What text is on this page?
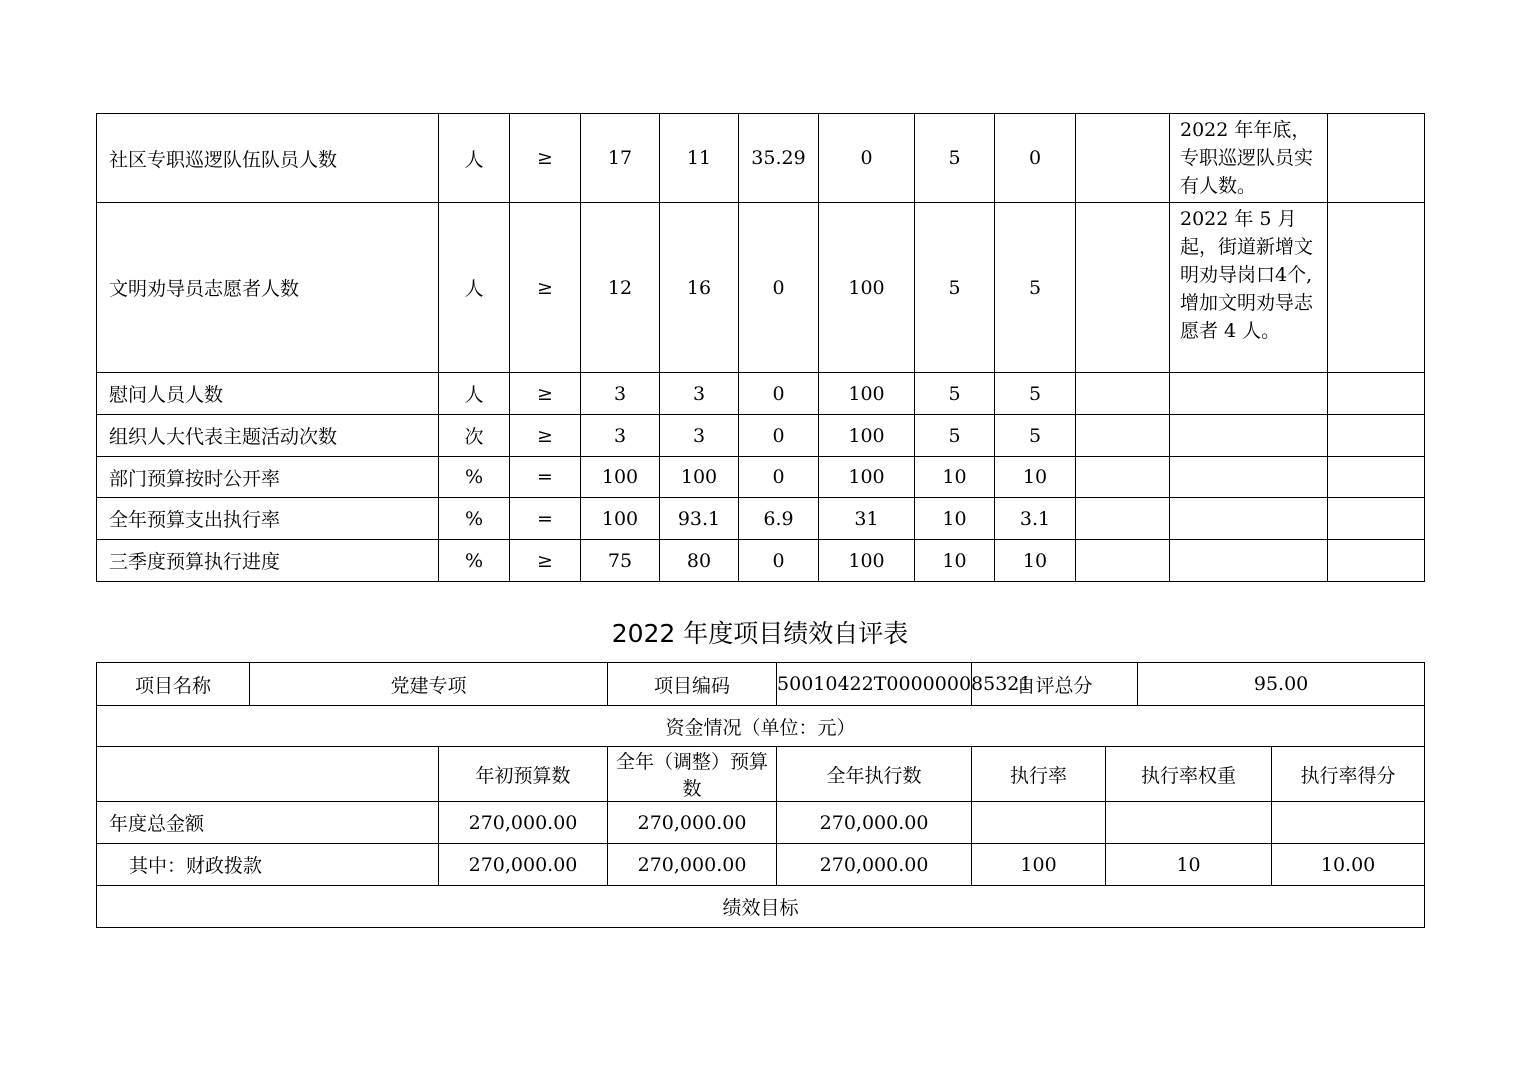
社区专职巡逻队伍队员人数	人	≥	17	11	35.29	0	5	0		2022 年年底，专职巡逻队员实有人数。	
文明劝导员志愿者人数	人	≥	12	16	0	100	5	5		2022 年 5 月起，街道新增文明劝导岗口4个,增加文明劝导志愿者 4 人。	
慰问人员人数	人	≥	3	3	0	100	5	5			
组织人大代表主题活动次数	次	≥	3	3	0	100	5	5			
部门预算按时公开率	%	=	100	100	0	100	10	10			
全年预算支出执行率	%	=	100	93.1	6.9	31	10	3.1			
三季度预算执行进度	%	≥	75	80	0	100	10	10			
2022 年度项目绩效自评表
项目名称	党建专项		项目编码	50010422T000000085321	自评总分		95.00	
资金情况（单位：元）								
		年初预算数	全年（调整）预算数	全年执行数	执行率	执行率权重		执行率得分
年度总金额		270,000.00	270,000.00	270,000.00				
其中：财政拨款		270,000.00	270,000.00	270,000.00	100	10		10.00
绩效目标								
